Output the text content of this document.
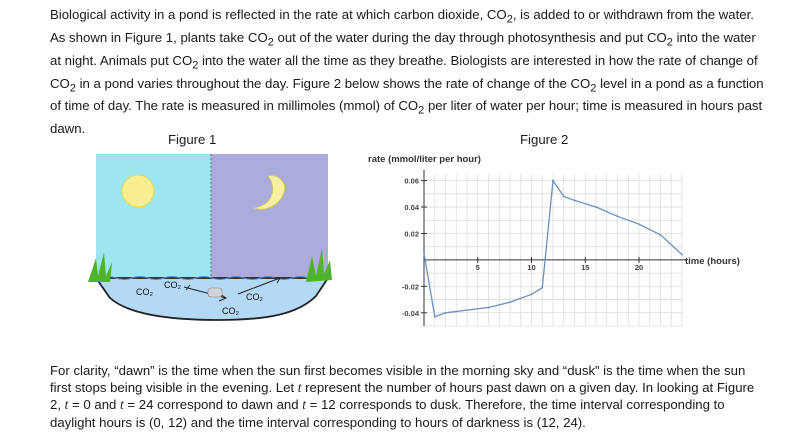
Biological activity in a pond is reflected in the rate at which carbon dioxide, $CO_2$, is added to or withdrawn from the water. As shown in Figure 1, plants take $CO_2$ out of the water during the day through photosynthesis and put $CO_2$ into the water at night. Animals put $CO_2$ into the water all the time as they breathe. Biologists are interested in how the rate of change of $CO_2$ in a pond varies throughout the day. Figure 2 below shows the rate of change of the $CO_2$ level in a pond as a function of time of day. The rate is measured in millimoles (mmol) of $CO_2$ per liter of water per hour; time is measured in hours past dawn.
Figure 1	Figure 2
CO₂
CO₂
CO₂
CO₂
rate (mmol/liter per hour)
-0.04
-0.02
0.02
0.04
0.06
5	10	15	20
time (hours)
For clarity, “dawn” is the time when the sun first becomes visible in the morning sky and “dusk” is the time when the sun first stops being visible in the evening. Let t represent the number of hours past dawn on a given day. In looking at Figure 2, t = 0 and t = 24 correspond to dawn and t = 12 corresponds to dusk. Therefore, the time interval corresponding to daylight hours is (0, 12) and the time interval corresponding to hours of darkness is (12, 24).
